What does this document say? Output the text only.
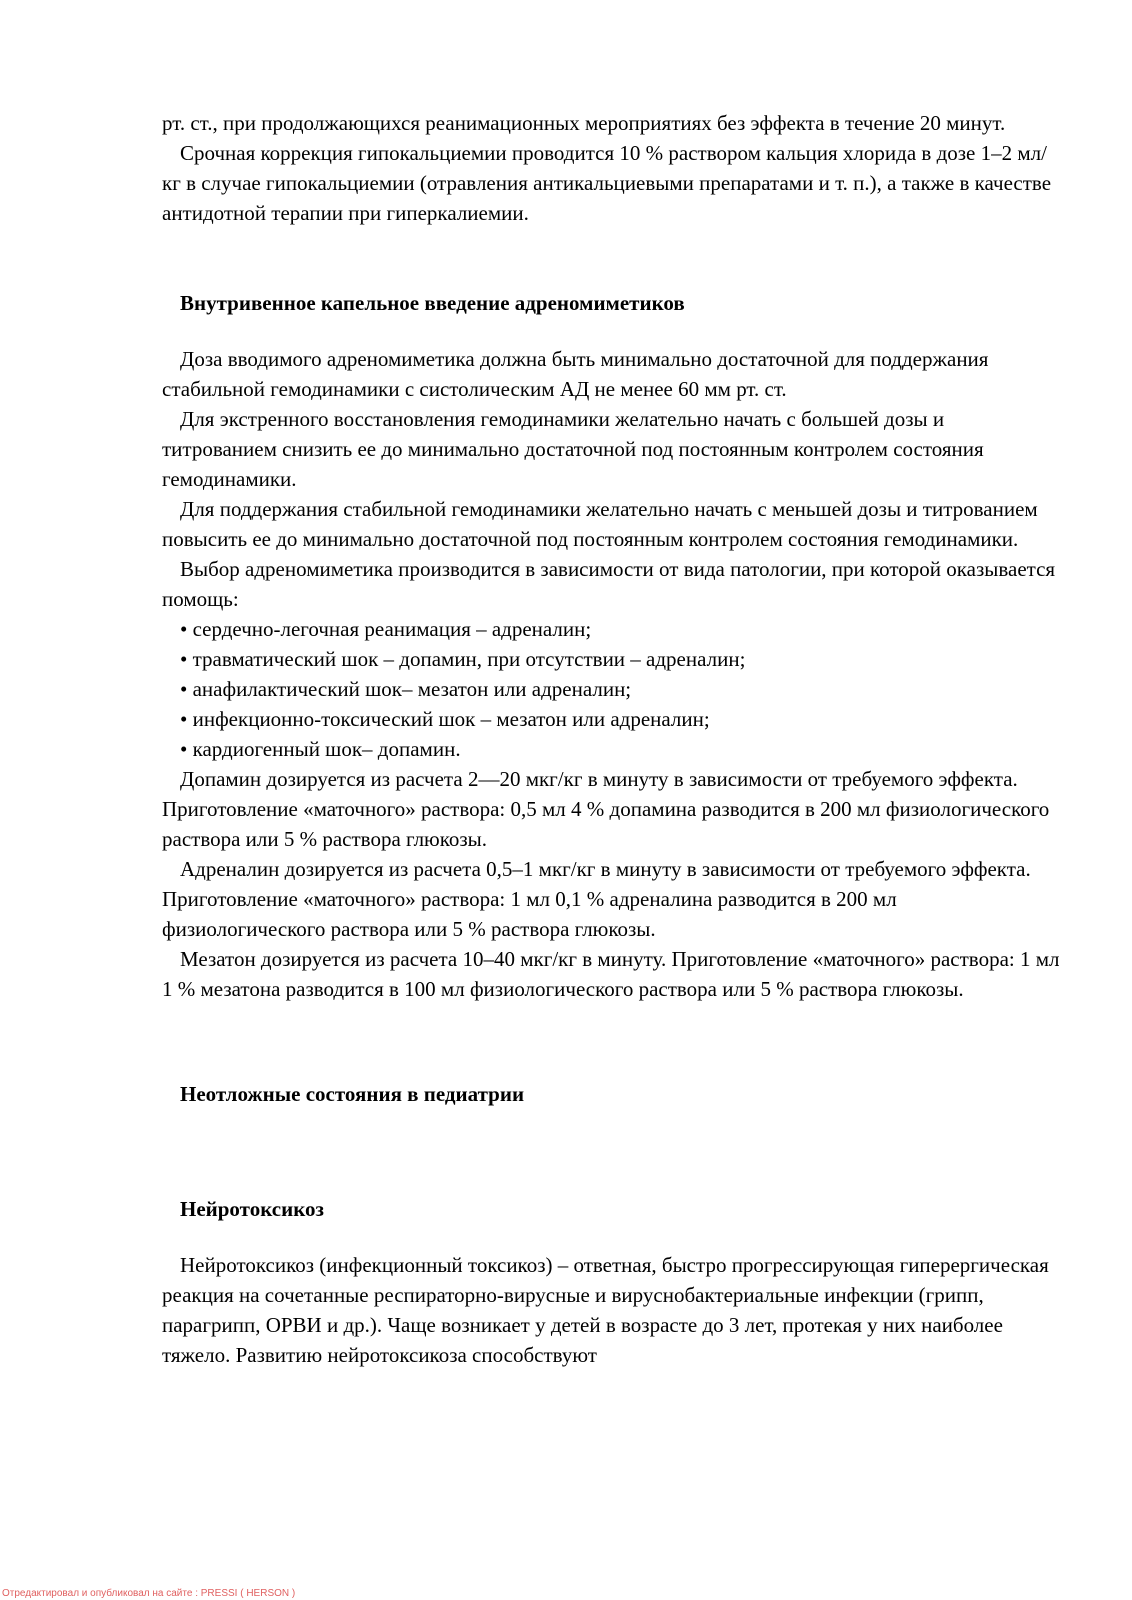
рт. ст., при продолжающихся реанимационных мероприятиях без эффекта в течение 20 минут.

Срочная коррекция гипокальциемии проводится 10 % раствором кальция хлорида в дозе 1–2 мл/кг в случае гипокальциемии (отравления антикальциевыми препаратами и т. п.), а также в качестве антидотной терапии при гиперкалиемии.

Внутривенное капельное введение адреномиметиков

Доза вводимого адреномиметика должна быть минимально достаточной для поддержания стабильной гемодинамики с систолическим АД не менее 60 мм рт. ст.

Для экстренного восстановления гемодинамики желательно начать с большей дозы и титрованием снизить ее до минимально достаточной под постоянным контролем состояния гемодинамики.

Для поддержания стабильной гемодинамики желательно начать с меньшей дозы и титрованием повысить ее до минимально достаточной под постоянным контролем состояния гемодинамики.

Выбор адреномиметика производится в зависимости от вида патологии, при которой оказывается помощь:

• сердечно-легочная реанимация – адреналин;
• травматический шок – допамин, при отсутствии – адреналин;
• анафилактический шок– мезатон или адреналин;
• инфекционно-токсический шок – мезатон или адреналин;
• кардиогенный шок– допамин.

Допамин дозируется из расчета 2—20 мкг/кг в минуту в зависимости от требуемого эффекта. Приготовление «маточного» раствора: 0,5 мл 4 % допамина разводится в 200 мл физиологического раствора или 5 % раствора глюкозы.

Адреналин дозируется из расчета 0,5–1 мкг/кг в минуту в зависимости от требуемого эффекта. Приготовление «маточного» раствора: 1 мл 0,1 % адреналина разводится в 200 мл физиологического раствора или 5 % раствора глюкозы.

Мезатон дозируется из расчета 10–40 мкг/кг в минуту. Приготовление «маточного» раствора: 1 мл 1 % мезатона разводится в 100 мл физиологического раствора или 5 % раствора глюкозы.

Неотложные состояния в педиатрии

Нейротоксикоз

Нейротоксикоз (инфекционный токсикоз) – ответная, быстро прогрессирующая гиперергическая реакция на сочетанные респираторно-вирусные и вируснобактериальные инфекции (грипп, парагрипп, ОРВИ и др.). Чаще возникает у детей в возрасте до 3 лет, протекая у них наиболее тяжело. Развитию нейротоксикоза способствуют

Отредактировал и опубликовал на сайте : PRESSI ( HERSON )
